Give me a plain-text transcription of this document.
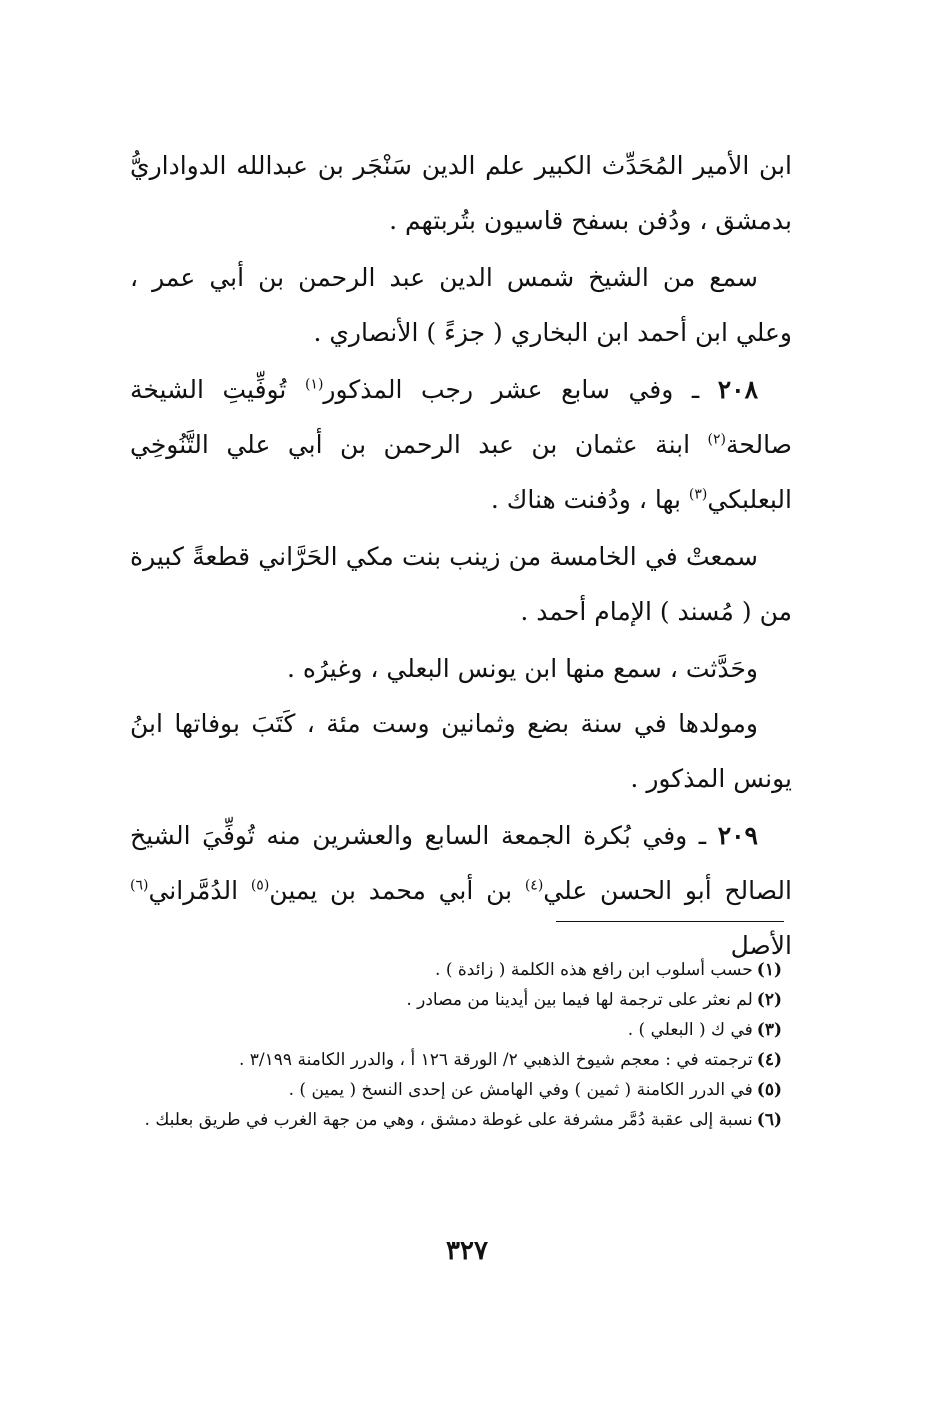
ابن الأمير المُحَدِّث الكبير علم الدين سَنْجَر بن عبدالله الدواداريُّ بدمشق ، ودُفن بسفح قاسيون بتُربتهم .

سمع من الشيخ شمس الدين عبد الرحمن بن أبي عمر ، وعلي ابن أحمد ابن البخاري ( جزءً ) الأنصاري .

٢٠٨ ـ وفي سابع عشر رجب المذكور$^{(١)}$ تُوفِّيتِ الشيخة صالحة$^{(٢)}$ ابنة عثمان بن عبد الرحمن بن أبي علي التَّنُوخِي البعلبكي$^{(٣)}$ بها ، ودُفنت هناك .

سمعتْ في الخامسة من زينب بنت مكي الحَرَّاني قطعةً كبيرة من ( مُسند ) الإمام أحمد .

وحَدَّثت ، سمع منها ابن يونس البعلي ، وغيرُه .

ومولدها في سنة بضع وثمانين وست مئة ، كَتَبَ بوفاتها ابنُ يونس المذكور .

٢٠٩ ـ وفي بُكرة الجمعة السابع والعشرين منه تُوفِّيَ الشيخ الصالح أبو الحسن علي$^{(٤)}$ بن أبي محمد بن يمين$^{(٥)}$ الدُمَّراني$^{(٦)}$ الأصل

(١)حسب أسلوب ابن رافع هذه الكلمة ( زائدة ) .

(٢)لم نعثر على ترجمة لها فيما بين أيدينا من مصادر .

(٣)في ك ( البعلي ) .

(٤)ترجمته في : معجم شيوخ الذهبي ٢/ الورقة ١٢٦ أ ، والدرر الكامنة ٣/١٩٩ .

(٥)في الدرر الكامنة ( ثمين ) وفي الهامش عن إحدى النسخ ( يمين ) .

(٦)نسبة إلى عقبة دُمَّر مشرفة على غوطة دمشق ، وهي من جهة الغرب في طريق بعلبك .

٣٢٧
